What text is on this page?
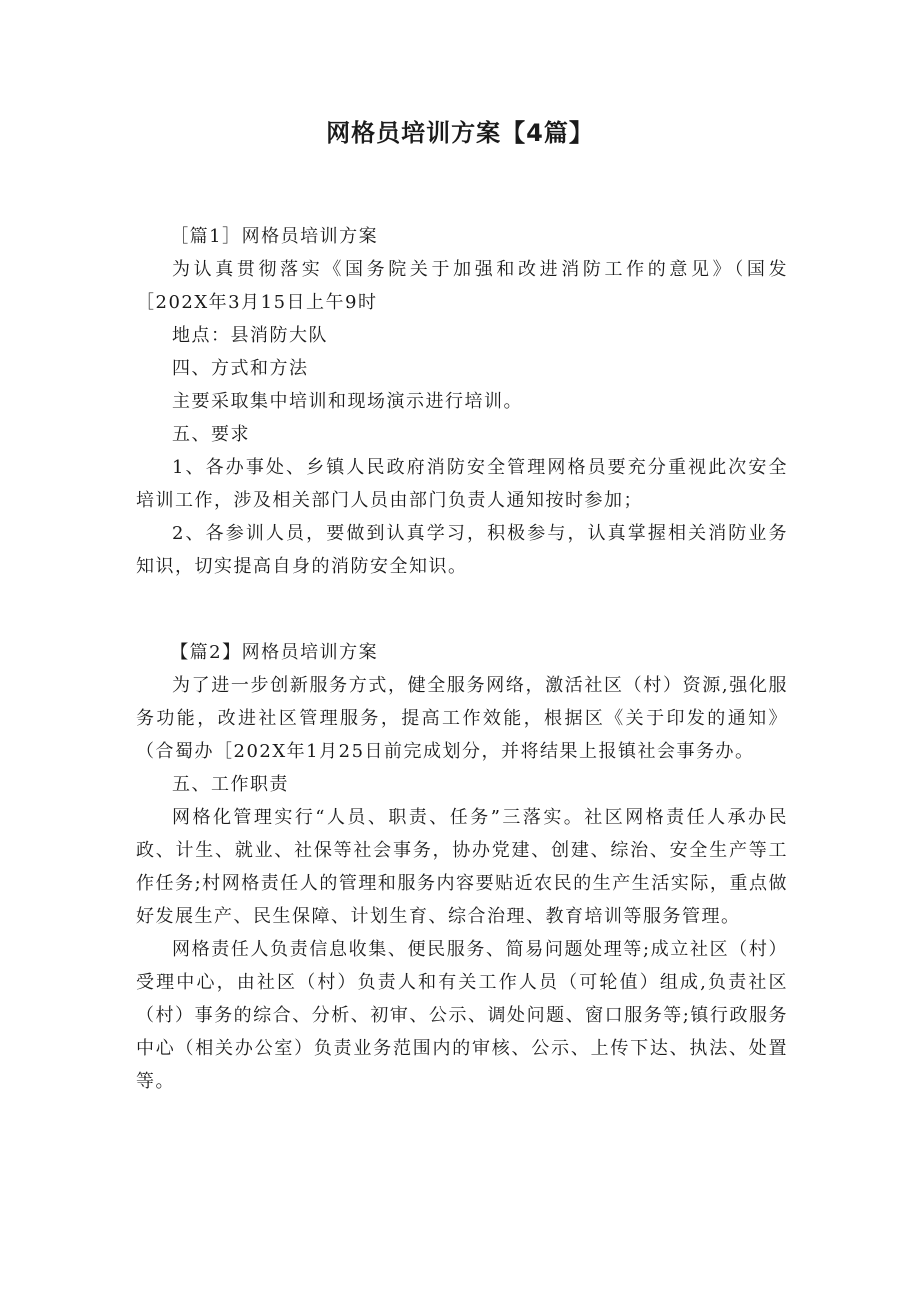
网格员培训方案【4篇】

［篇1］网格员培训方案

为认真贯彻落实《国务院关于加强和改进消防工作的意见》（国发［202X年3月15日上午9时

地点：县消防大队

四、方式和方法

主要采取集中培训和现场演示进行培训。

五、要求

1、各办事处、乡镇人民政府消防安全管理网格员要充分重视此次安全培训工作，涉及相关部门人员由部门负责人通知按时参加；

2、各参训人员，要做到认真学习，积极参与，认真掌握相关消防业务知识，切实提高自身的消防安全知识。

【篇2】网格员培训方案

为了进一步创新服务方式，健全服务网络，激活社区（村）资源,强化服务功能，改进社区管理服务，提高工作效能，根据区《关于印发的通知》（合蜀办［202X年1月25日前完成划分，并将结果上报镇社会事务办。

五、工作职责

网格化管理实行“人员、职责、任务”三落实。社区网格责任人承办民政、计生、就业、社保等社会事务，协办党建、创建、综治、安全生产等工作任务;村网格责任人的管理和服务内容要贴近农民的生产生活实际，重点做好发展生产、民生保障、计划生育、综合治理、教育培训等服务管理。

网格责任人负责信息收集、便民服务、简易问题处理等;成立社区（村）受理中心，由社区（村）负责人和有关工作人员（可轮值）组成,负责社区（村）事务的综合、分析、初审、公示、调处问题、窗口服务等;镇行政服务中心（相关办公室）负责业务范围内的审核、公示、上传下达、执法、处置等。
